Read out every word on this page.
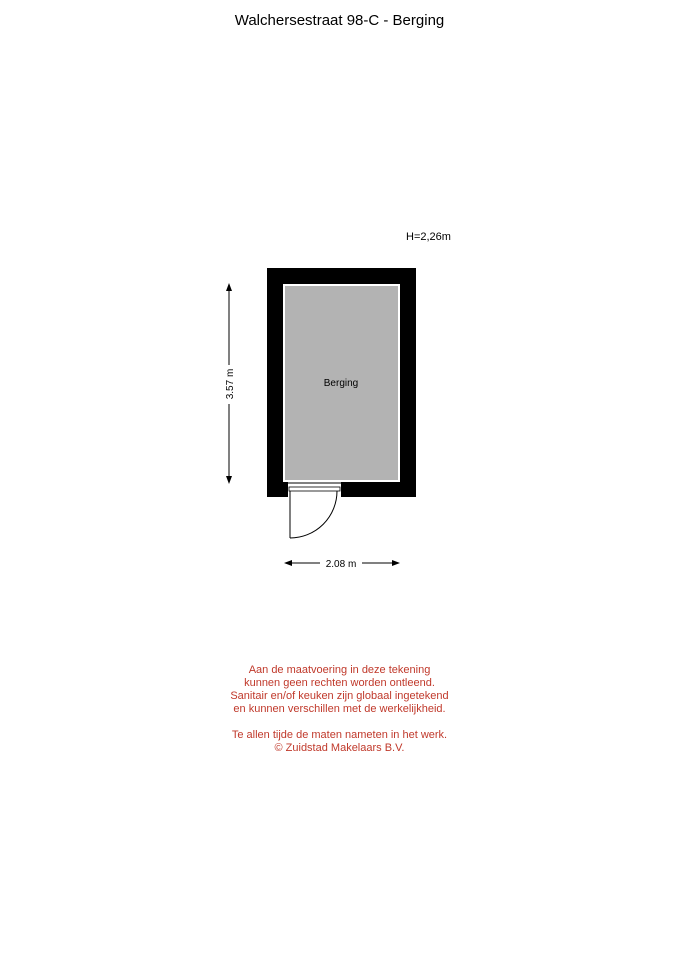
Walchersestraat 98-C - Berging
H=2,26m
3.57 m
2.08 m
Berging
Aan de maatvoering in deze tekening
kunnen geen rechten worden ontleend.
Sanitair en/of keuken zijn globaal ingetekend
en kunnen verschillen met de werkelijkheid.
Te allen tijde de maten nameten in het werk.
© Zuidstad Makelaars B.V.
